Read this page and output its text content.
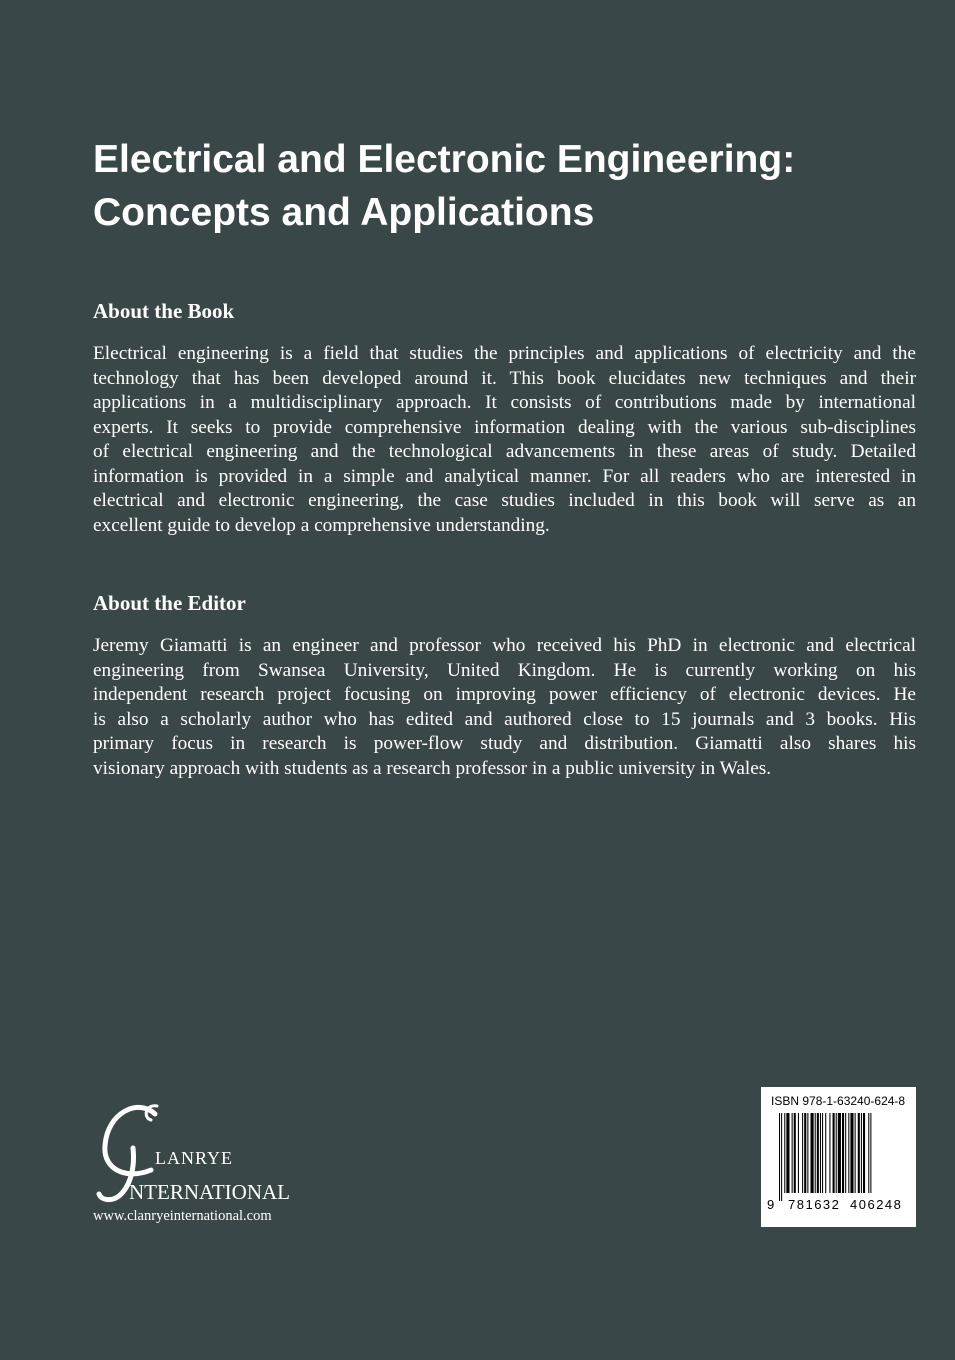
Electrical and Electronic Engineering:
Concepts and Applications
About the Book
Electrical engineering is a field that studies the principles and applications of electricity and the
technology that has been developed around it. This book elucidates new techniques and their
applications in a multidisciplinary approach. It consists of contributions made by international
experts. It seeks to provide comprehensive information dealing with the various sub-disciplines
of electrical engineering and the technological advancements in these areas of study. Detailed
information is provided in a simple and analytical manner. For all readers who are interested in
electrical and electronic engineering, the case studies included in this book will serve as an
excellent guide to develop a comprehensive understanding.
About the Editor
Jeremy Giamatti is an engineer and professor who received his PhD in electronic and electrical
engineering from Swansea University, United Kingdom. He is currently working on his
independent research project focusing on improving power efficiency of electronic devices. He
is also a scholarly author who has edited and authored close to 15 journals and 3 books. His
primary focus in research is power-flow study and distribution. Giamatti also shares his
visionary approach with students as a research professor in a public university in Wales.
LANRYE
NTERNATIONAL
www.clanryeinternational.com
ISBN 978-1-63240-624-8
9 781632 406248
